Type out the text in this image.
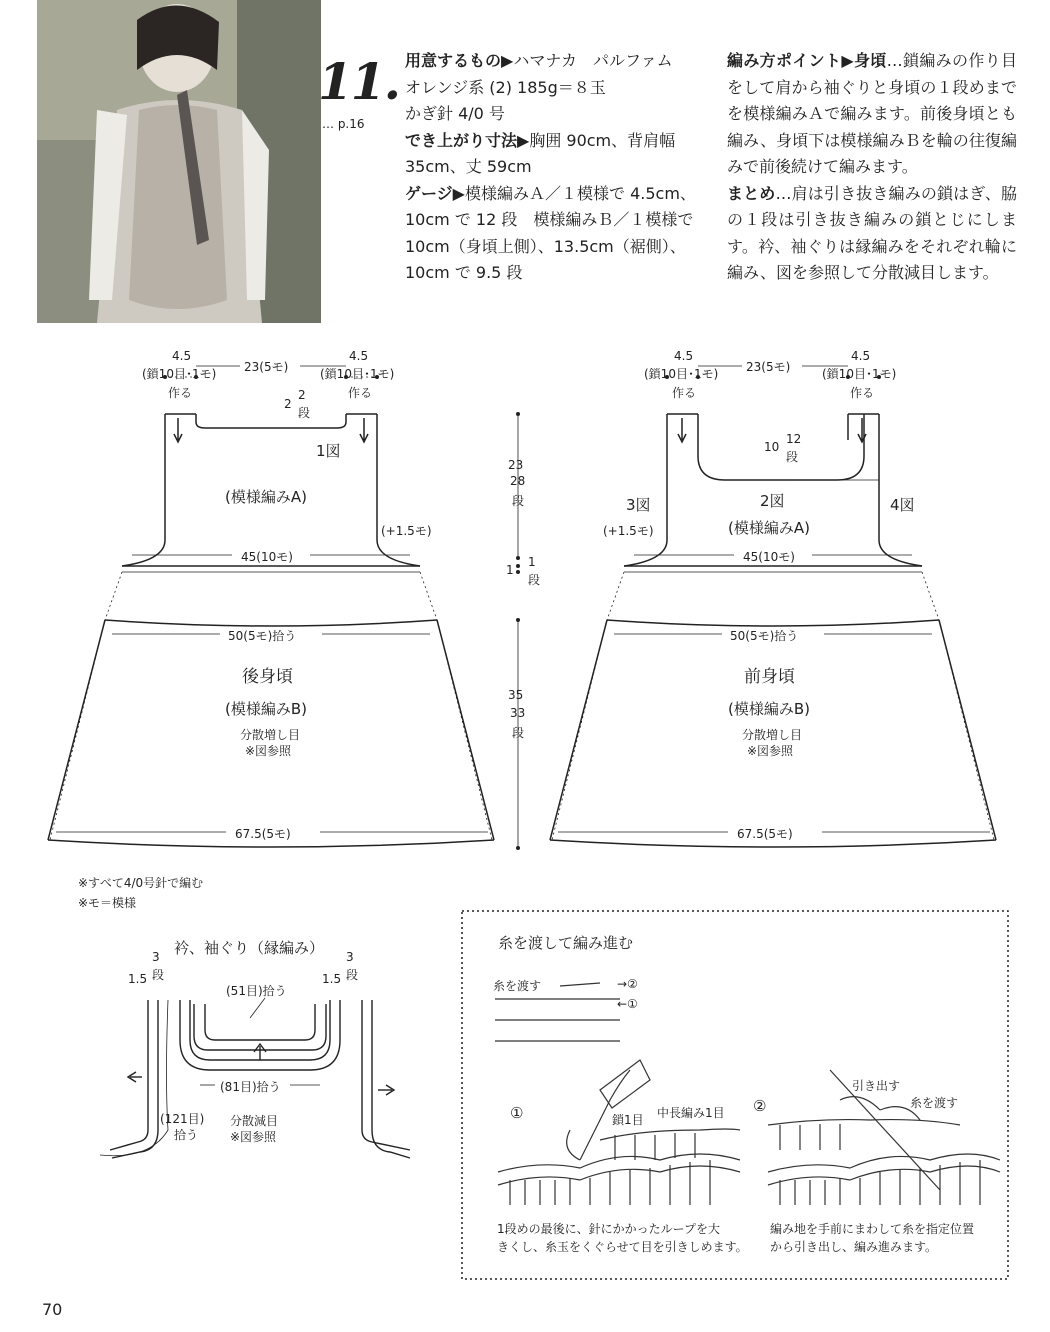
11.
… p.16

用意するもの▶ハマナカ　パルファム

オレンジ系 (2) 185g＝８玉

かぎ針 4/0 号

でき上がり寸法▶胸囲 90cm、背肩幅 35cm、丈 59cm

ゲージ▶模様編みＡ／１模様で 4.5cm、10cm で 12 段　模様編みＢ／１模様で 10cm（身頃上側）、13.5cm（裾側）、10cm で 9.5 段

編み方ポイント▶身頃…鎖編みの作り目をして肩から袖ぐりと身頃の１段めまでを模様編みＡで編みます。前後身頃とも編み、身頃下は模様編みＢを輪の往復編みで前後続けて編みます。

まとめ…肩は引き抜き編みの鎖はぎ、脇の１段は引き抜き編みの鎖とじにします。衿、袖ぐりは縁編みをそれぞれ輪に編み、図を参照して分散減目します。

4.5
(鎖10目･1モ)
作る
23(5モ)
4.5
(鎖10目･1モ)
作る
2
2
段
1図
(模様編みA)
(+1.5モ)
45(10モ)
50(5モ)拾う
後身頃
(模様編みB)
分散増し目
※図参照
67.5(5モ)
4.5
(鎖10目･1モ)
作る
23(5モ)
4.5
(鎖10目･1モ)
作る
10
12
段
2図
3図	4図
(模様編みA)
(+1.5モ)
45(10モ)
50(5モ)拾う
前身頃
(模様編みB)
分散増し目
※図参照
67.5(5モ)
23
28
段
1
1
段
35
33
段
※すべて4/0号針で編む
※モ＝模様
衿、袖ぐり（縁編み）
1.5
3
段	1.5
3
段
(51目)拾う
(81目)拾う
(121目)
拾う
分散減目
※図参照
糸を渡して編み進む
糸を渡す	→②
←①
①	②
鎖1目 中長編み1目
引き出す
糸を渡す
1段めの最後に、針にかかったループを大
きくし、糸玉をくぐらせて目を引きしめます。
編み地を手前にまわして糸を指定位置
から引き出し、編み進みます。
70
